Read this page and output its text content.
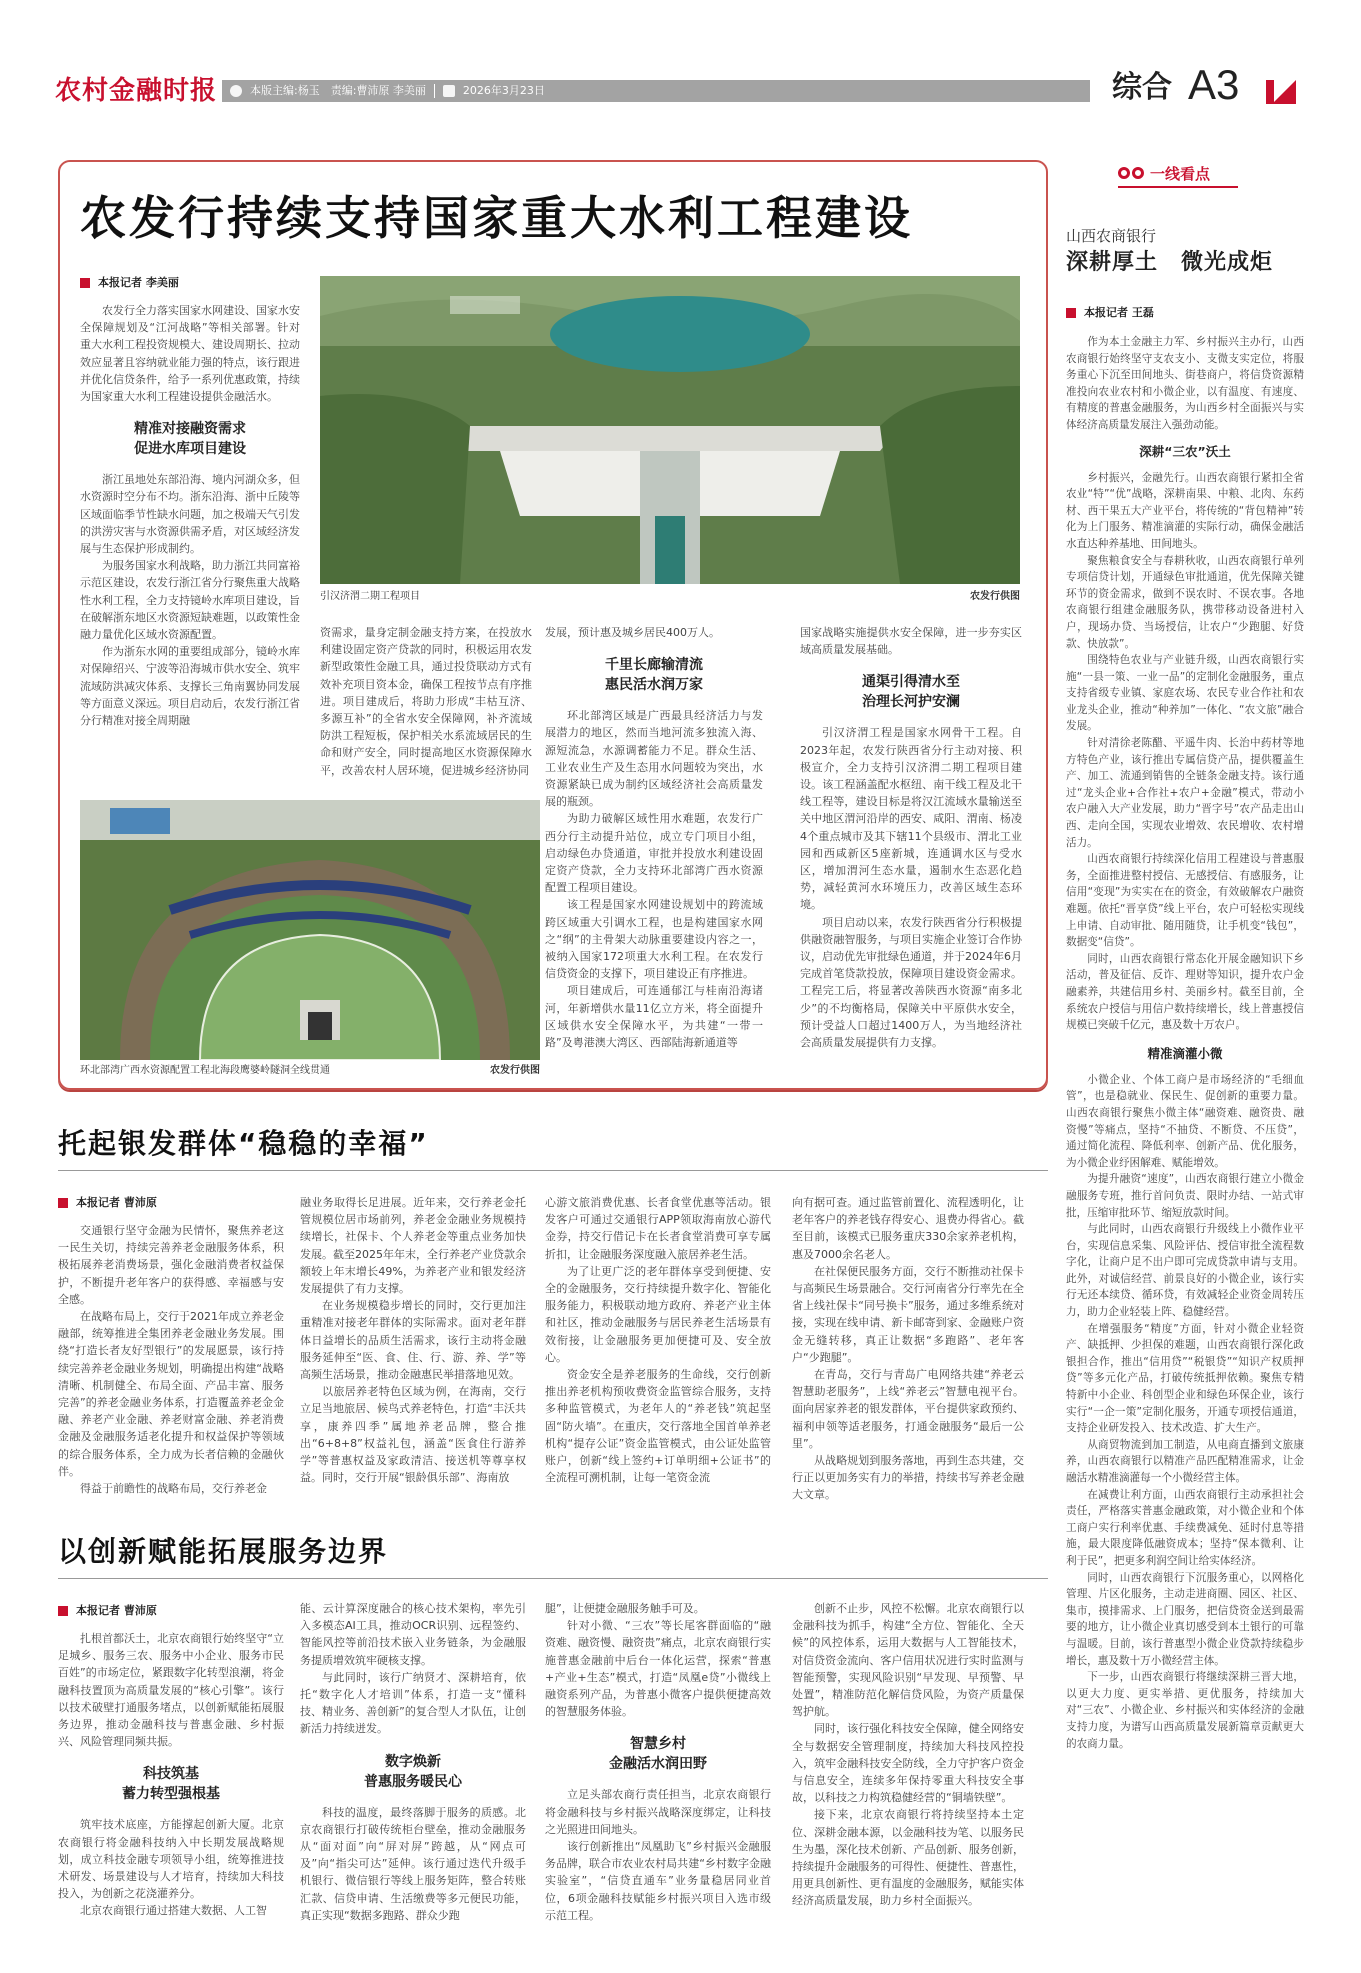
农村金融时报	本版主编:杨玉　责编:曹沛原 李美丽	2026年3月23日	综合 A3
农发行持续支持国家重大水利工程建设
本报记者 李美丽

农发行全力落实国家水网建设、国家水安全保障规划及“江河战略”等相关部署。针对重大水利工程投资规模大、建设周期长、拉动效应显著且容纳就业能力强的特点，该行跟进并优化信贷条件，给予一系列优惠政策，持续为国家重大水利工程建设提供金融活水。

精准对接融资需求
促进水库项目建设

浙江虽地处东部沿海、境内河湖众多，但水资源时空分布不均。浙东沿海、浙中丘陵等区域面临季节性缺水问题，加之极端天气引发的洪涝灾害与水资源供需矛盾，对区域经济发展与生态保护形成制约。

为服务国家水利战略，助力浙江共同富裕示范区建设，农发行浙江省分行聚焦重大战略性水利工程，全力支持镜岭水库项目建设，旨在破解浙东地区水资源短缺难题，以政策性金融力量优化区域水资源配置。

作为浙东水网的重要组成部分，镜岭水库对保障绍兴、宁波等沿海城市供水安全、筑牢流域防洪减灾体系、支撑长三角南翼协同发展等方面意义深远。项目启动后，农发行浙江省分行精准对接全周期融

引汉济渭二期工程项目	农发行供图

资需求，量身定制金融支持方案，在投放水利建设固定资产贷款的同时，积极运用农发新型政策性金融工具，通过投贷联动方式有效补充项目资本金，确保工程按节点有序推进。项目建成后，将助力形成“丰枯互济、多源互补”的全省水安全保障网，补齐流域防洪工程短板，保护相关水系流域居民的生命和财产安全，同时提高地区水资源保障水平，改善农村人居环境，促进城乡经济协同

发展，预计惠及城乡居民400万人。

千里长廊输清流
惠民活水润万家

环北部湾区域是广西最具经济活力与发展潜力的地区，然而当地河流多独流入海、源短流急，水源调蓄能力不足。群众生活、工业农业生产及生态用水问题较为突出，水资源紧缺已成为制约区域经济社会高质量发展的瓶颈。

为助力破解区域性用水难题，农发行广西分行主动提升站位，成立专门项目小组，启动绿色办贷通道，审批并投放水利建设固定资产贷款，全力支持环北部湾广西水资源配置工程项目建设。

该工程是国家水网建设规划中的跨流域跨区域重大引调水工程，也是构建国家水网之“纲”的主骨架大动脉重要建设内容之一，被纳入国家172项重大水利工程。在农发行信贷资金的支撑下，项目建设正有序推进。

项目建成后，可连通郁江与桂南沿海诸河，年新增供水量11亿立方米，将全面提升区域供水安全保障水平，为共建“一带一路”及粤港澳大湾区、西部陆海新通道等

国家战略实施提供水安全保障，进一步夯实区域高质量发展基础。

通渠引得清水至
治理长河护安澜

引汉济渭工程是国家水网骨干工程。自2023年起，农发行陕西省分行主动对接、积极宣介，全力支持引汉济渭二期工程项目建设。该工程涵盖配水枢纽、南干线工程及北干线工程等，建设目标是将汉江流域水量输送至关中地区渭河沿岸的西安、咸阳、渭南、杨凌4个重点城市及其下辖11个县级市、渭北工业园和西咸新区5座新城，连通调水区与受水区，增加渭河生态水量，遏制水生态恶化趋势，减轻黄河水环境压力，改善区域生态环境。

项目启动以来，农发行陕西省分行积极提供融资融智服务，与项目实施企业签订合作协议，启动优先审批绿色通道，并于2024年6月完成首笔贷款投放，保障项目建设资金需求。工程完工后，将显著改善陕西水资源“南多北少”的不均衡格局，保障关中平原供水安全，预计受益人口超过1400万人，为当地经济社会高质量发展提供有力支撑。

环北部湾广西水资源配置工程北海段鹰婆岭隧洞全线贯通	农发行供图
一线看点
山西农商银行
深耕厚土　微光成炬
本报记者 王磊

作为本土金融主力军、乡村振兴主办行，山西农商银行始终坚守支农支小、支微支实定位，将服务重心下沉至田间地头、街巷商户，将信贷资源精准投向农业农村和小微企业，以有温度、有速度、有精度的普惠金融服务，为山西乡村全面振兴与实体经济高质量发展注入强劲动能。

深耕“三农”沃土

乡村振兴，金融先行。山西农商银行紧扣全省农业“特”“优”战略，深耕南果、中粮、北肉、东药材、西干果五大产业平台，将传统的“背包精神”转化为上门服务、精准滴灌的实际行动，确保金融活水直达种养基地、田间地头。

聚焦粮食安全与春耕秋收，山西农商银行单列专项信贷计划，开通绿色审批通道，优先保障关键环节的资金需求，做到不误农时、不误农事。各地农商银行组建金融服务队，携带移动设备进村入户，现场办贷、当场授信，让农户“少跑腿、好贷款、快放款”。

围绕特色农业与产业链升级，山西农商银行实施“一县一策、一业一品”的定制化金融服务，重点支持省级专业镇、家庭农场、农民专业合作社和农业龙头企业，推动“种养加”一体化、“农文旅”融合发展。

针对清徐老陈醋、平遥牛肉、长治中药材等地方特色产业，该行推出专属信贷产品，提供覆盖生产、加工、流通到销售的全链条金融支持。该行通过“龙头企业+合作社+农户+金融”模式，带动小农户融入大产业发展，助力“晋字号”农产品走出山西、走向全国，实现农业增效、农民增收、农村增活力。

山西农商银行持续深化信用工程建设与普惠服务，全面推进整村授信、无感授信、有感服务，让信用“变现”为实实在在的资金，有效破解农户融资难题。依托“晋享贷”线上平台，农户可轻松实现线上申请、自动审批、随用随贷，让手机变“钱包”，数据变“信贷”。

同时，山西农商银行常态化开展金融知识下乡活动，普及征信、反诈、理财等知识，提升农户金融素养，共建信用乡村、美丽乡村。截至目前，全系统农户授信与用信户数持续增长，线上普惠授信规模已突破千亿元，惠及数十万农户。

精准滴灌小微

小微企业、个体工商户是市场经济的“毛细血管”，也是稳就业、保民生、促创新的重要力量。山西农商银行聚焦小微主体“融资难、融资贵、融资慢”等痛点，坚持“不抽贷、不断贷、不压贷”，通过简化流程、降低利率、创新产品、优化服务，为小微企业纾困解难、赋能增效。

为提升融资“速度”，山西农商银行建立小微金融服务专班，推行首问负责、限时办结、一站式审批，压缩审批环节、缩短放款时间。

与此同时，山西农商银行升级线上小微作业平台，实现信息采集、风险评估、授信审批全流程数字化，让商户足不出户即可完成贷款申请与支用。此外，对诚信经营、前景良好的小微企业，该行实行无还本续贷、循环贷，有效减轻企业资金周转压力，助力企业轻装上阵、稳健经营。

在增强服务“精度”方面，针对小微企业轻资产、缺抵押、少担保的难题，山西农商银行深化政银担合作，推出“信用贷”“税银贷”“知识产权质押贷”等多元化产品，打破传统抵押依赖。聚焦专精特新中小企业、科创型企业和绿色环保企业，该行实行“一企一策”定制化服务，开通专项授信通道，支持企业研发投入、技术改造、扩大生产。

从商贸物流到加工制造，从电商直播到文旅康养，山西农商银行以精准产品匹配精准需求，让金融活水精准滴灌每一个小微经营主体。

在减费让利方面，山西农商银行主动承担社会责任，严格落实普惠金融政策，对小微企业和个体工商户实行利率优惠、手续费减免、延时付息等措施，最大限度降低融资成本；坚持“保本微利、让利于民”，把更多利润空间让给实体经济。

同时，山西农商银行下沉服务重心，以网格化管理、片区化服务，主动走进商圈、园区、社区、集市，摸排需求、上门服务，把信贷资金送到最需要的地方，让小微企业真切感受到本土银行的可靠与温暖。目前，该行普惠型小微企业贷款持续稳步增长，惠及数十万小微经营主体。

下一步，山西农商银行将继续深耕三晋大地，以更大力度、更实举措、更优服务，持续加大对“三农”、小微企业、乡村振兴和实体经济的金融支持力度，为谱写山西高质量发展新篇章贡献更大的农商力量。

托起银发群体“稳稳的幸福”
本报记者 曹沛原

交通银行坚守金融为民情怀，聚焦养老这一民生关切，持续完善养老金融服务体系，积极拓展养老消费场景，强化金融消费者权益保护，不断提升老年客户的获得感、幸福感与安全感。

在战略布局上，交行于2021年成立养老金融部，统筹推进全集团养老金融业务发展。围绕“打造长者友好型银行”的发展愿景，该行持续完善养老金融业务规划，明确提出构建“战略清晰、机制健全、布局全面、产品丰富、服务完善”的养老金融业务体系，打造覆盖养老金金融、养老产业金融、养老财富金融、养老消费金融及金融服务适老化提升和权益保护等领域的综合服务体系，全力成为长者信赖的金融伙伴。

得益于前瞻性的战略布局，交行养老金

融业务取得长足进展。近年来，交行养老金托管规模位居市场前列，养老金金融业务规模持续增长，社保卡、个人养老金等重点业务加快发展。截至2025年年末，全行养老产业贷款余额较上年末增长49%，为养老产业和银发经济发展提供了有力支撑。

在业务规模稳步增长的同时，交行更加注重精准对接老年群体的实际需求。面对老年群体日益增长的品质生活需求，该行主动将金融服务延伸至“医、食、住、行、游、养、学”等高频生活场景，推动金融惠民举措落地见效。

以旅居养老特色区域为例，在海南，交行立足当地旅居、候鸟式养老特色，打造“丰沃共享，康养四季”属地养老品牌，整合推出“6+8+8”权益礼包，涵盖“医食住行游养学”等普惠权益及家政清洁、接送机等尊享权益。同时，交行开展“银龄俱乐部”、海南放

心游文旅消费优惠、长者食堂优惠等活动。银发客户可通过交通银行APP领取海南放心游代金券，持交行借记卡在长者食堂消费可享专属折扣，让金融服务深度融入旅居养老生活。

为了让更广泛的老年群体享受到便捷、安全的金融服务，交行持续提升数字化、智能化服务能力，积极联动地方政府、养老产业主体和社区，推动金融服务与居民养老生活场景有效衔接，让金融服务更加便捷可及、安全放心。

资金安全是养老服务的生命线，交行创新推出养老机构预收费资金监管综合服务，支持多种监管模式，为老年人的“养老钱”筑起坚固“防火墙”。在重庆，交行落地全国首单养老机构“提存公证”资金监管模式，由公证处监管账户，创新“线上签约+订单明细+公证书”的全流程可溯机制，让每一笔资金流

向有据可查。通过监管前置化、流程透明化，让老年客户的养老钱存得安心、退费办得省心。截至目前，该模式已服务重庆330余家养老机构，惠及7000余名老人。

在社保便民服务方面，交行不断推动社保卡与高频民生场景融合。交行河南省分行率先在全省上线社保卡“同号换卡”服务，通过多维系统对接，实现在线申请、新卡邮寄到家、金融账户资金无缝转移，真正让数据“多跑路”、老年客户“少跑腿”。

在青岛，交行与青岛广电网络共建“养老云智慧助老服务”，上线“养老云”智慧电视平台。面向居家养老的银发群体，平台提供家政预约、福利申领等适老服务，打通金融服务“最后一公里”。

从战略规划到服务落地，再到生态共建，交行正以更加务实有力的举措，持续书写养老金融大文章。

以创新赋能拓展服务边界
本报记者 曹沛原

扎根首都沃土，北京农商银行始终坚守“立足城乡、服务三农、服务中小企业、服务市民百姓”的市场定位，紧跟数字化转型浪潮，将金融科技置顶为高质量发展的“核心引擎”。该行以技术破壁打通服务堵点，以创新赋能拓展服务边界，推动金融科技与普惠金融、乡村振兴、风险管理同频共振。

科技筑基
蓄力转型强根基

筑牢技术底座，方能撑起创新大厦。北京农商银行将金融科技纳入中长期发展战略规划，成立科技金融专项领导小组，统筹推进技术研发、场景建设与人才培育，持续加大科技投入，为创新之花浇灌养分。

北京农商银行通过搭建大数据、人工智

能、云计算深度融合的核心技术架构，率先引入多模态AI工具，推动OCR识别、远程签约、智能风控等前沿技术嵌入业务链条，为金融服务提质增效筑牢硬核支撑。

与此同时，该行广纳贤才、深耕培育，依托“数字化人才培训”体系，打造一支“懂科技、精业务、善创新”的复合型人才队伍，让创新活力持续迸发。

数字焕新
普惠服务暖民心

科技的温度，最终落脚于服务的质感。北京农商银行打破传统柜台壁垒，推动金融服务从“面对面”向“屏对屏”跨越，从“网点可及”向“指尖可达”延伸。该行通过迭代升级手机银行、微信银行等线上服务矩阵，整合转账汇款、信贷申请、生活缴费等多元便民功能，真正实现“数据多跑路、群众少跑

腿”，让便捷金融服务触手可及。

针对小微、“三农”等长尾客群面临的“融资难、融资慢、融资贵”痛点，北京农商银行实施普惠金融前中后台一体化运营，探索“普惠+产业+生态”模式，打造“凤凰e贷”小微线上融资系列产品，为普惠小微客户提供便捷高效的智慧服务体验。

智慧乡村
金融活水润田野

立足头部农商行责任担当，北京农商银行将金融科技与乡村振兴战略深度绑定，让科技之光照进田间地头。

该行创新推出“凤凰助飞”乡村振兴金融服务品牌，联合市农业农村局共建“乡村数字金融实验室”，“信贷直通车”业务量稳居同业首位，6项金融科技赋能乡村振兴项目入选市级示范工程。

创新不止步，风控不松懈。北京农商银行以金融科技为抓手，构建“全方位、智能化、全天候”的风控体系，运用大数据与人工智能技术，对信贷资金流向、客户信用状况进行实时监测与智能预警，实现风险识别“早发现、早预警、早处置”，精准防范化解信贷风险，为资产质量保驾护航。

同时，该行强化科技安全保障，健全网络安全与数据安全管理制度，持续加大科技风控投入，筑牢金融科技安全防线，全力守护客户资金与信息安全，连续多年保持零重大科技安全事故，以科技之力构筑稳健经营的“铜墙铁壁”。

接下来，北京农商银行将持续坚持本土定位、深耕金融本源，以金融科技为笔、以服务民生为墨，深化技术创新、产品创新、服务创新，持续提升金融服务的可得性、便捷性、普惠性，用更具创新性、更有温度的金融服务，赋能实体经济高质量发展，助力乡村全面振兴。
